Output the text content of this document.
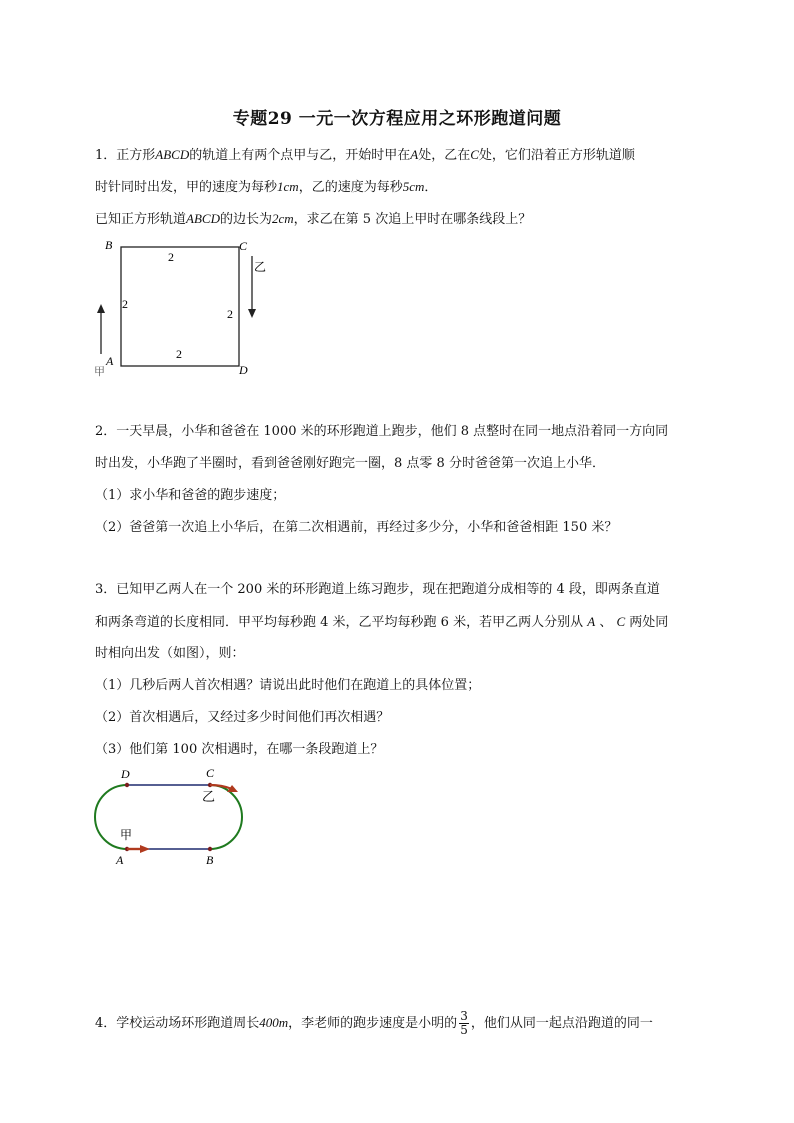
专题29 一元一次方程应用之环形跑道问题
1．正方形ABCD的轨道上有两个点甲与乙，开始时甲在A处，乙在C处，它们沿着正方形轨道顺
时针同时出发，甲的速度为每秒1cm，乙的速度为每秒5cm．
已知正方形轨道ABCD的边长为2cm，求乙在第 5 次追上甲时在哪条线段上？
B	C
A
D
2
2
2
2
乙
甲
2．一天早晨，小华和爸爸在 1000 米的环形跑道上跑步，他们 8 点整时在同一地点沿着同一方向同
时出发，小华跑了半圈时，看到爸爸刚好跑完一圈，8 点零 8 分时爸爸第一次追上小华．
（1）求小华和爸爸的跑步速度；
（2）爸爸第一次追上小华后，在第二次相遇前，再经过多少分，小华和爸爸相距 150 米？
3．已知甲乙两人在一个 200 米的环形跑道上练习跑步，现在把跑道分成相等的 4 段，即两条直道
和两条弯道的长度相同．甲平均每秒跑 4 米，乙平均每秒跑 6 米，若甲乙两人分别从 A 、 C 两处同
时相向出发（如图），则：
（1）几秒后两人首次相遇？请说出此时他们在跑道上的具体位置；
（2）首次相遇后，又经过多少时间他们再次相遇？
（3）他们第 100 次相遇时，在哪一条段跑道上？
D	C
A	B
乙
甲
4．学校运动场环形跑道周长400m，李老师的跑步速度是小明的 $\frac{3}{5}$ ，他们从同一起点沿跑道的同一
